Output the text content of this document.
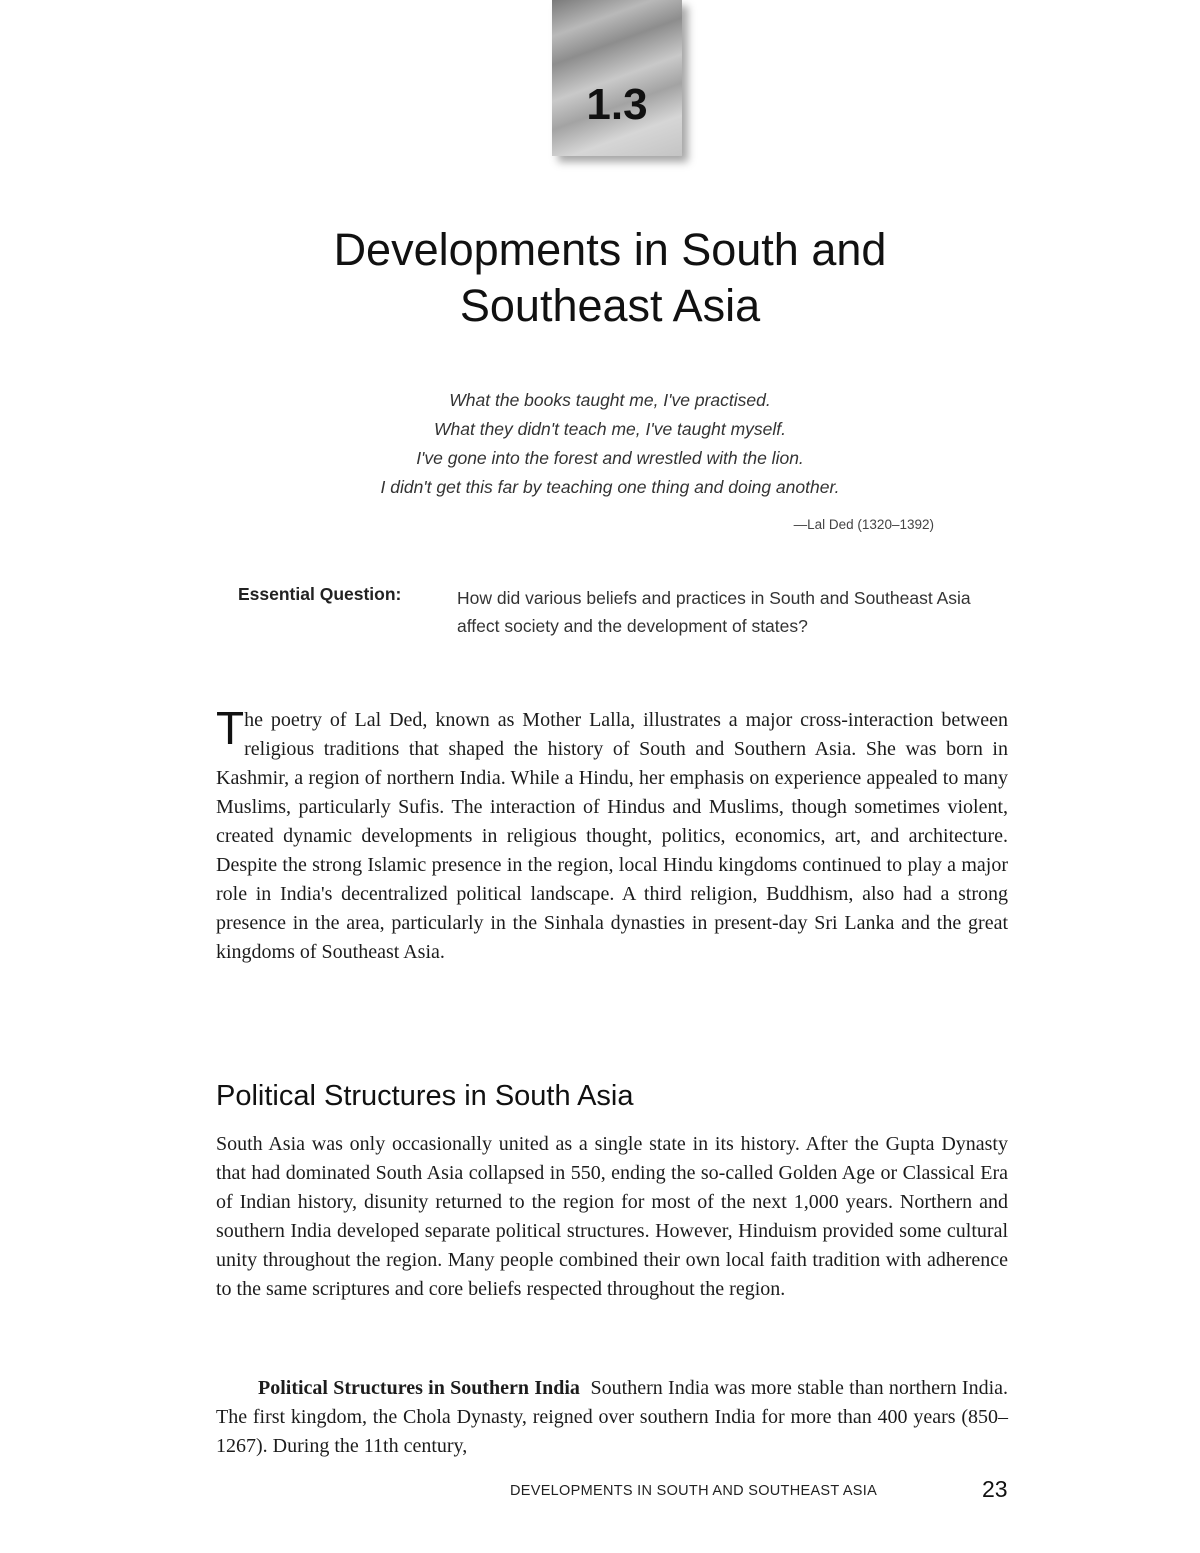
1.3
Developments in South and
Southeast Asia
What the books taught me, I've practised.
What they didn't teach me, I've taught myself.
I've gone into the forest and wrestled with the lion.
I didn't get this far by teaching one thing and doing another.
—Lal Ded (1320–1392)
Essential Question:	How did various beliefs and practices in South and Southeast Asia affect society and the development of states?
The poetry of Lal Ded, known as Mother Lalla, illustrates a major cross-interaction between religious traditions that shaped the history of South and Southern Asia. She was born in Kashmir, a region of northern India. While a Hindu, her emphasis on experience appealed to many Muslims, particularly Sufis. The interaction of Hindus and Muslims, though sometimes violent, created dynamic developments in religious thought, politics, economics, art, and architecture. Despite the strong Islamic presence in the region, local Hindu kingdoms continued to play a major role in India's decentralized political landscape. A third religion, Buddhism, also had a strong presence in the area, particularly in the Sinhala dynasties in present-day Sri Lanka and the great kingdoms of Southeast Asia.
Political Structures in South Asia

South Asia was only occasionally united as a single state in its history. After the Gupta Dynasty that had dominated South Asia collapsed in 550, ending the so-called Golden Age or Classical Era of Indian history, disunity returned to the region for most of the next 1,000 years. Northern and southern India developed separate political structures. However, Hinduism provided some cultural unity throughout the region. Many people combined their own local faith tradition with adherence to the same scriptures and core beliefs respected throughout the region.

Political Structures in Southern India Southern India was more stable than northern India. The first kingdom, the Chola Dynasty, reigned over southern India for more than 400 years (850–1267). During the 11th century,

DEVELOPMENTS IN SOUTH AND SOUTHEAST ASIA	23
